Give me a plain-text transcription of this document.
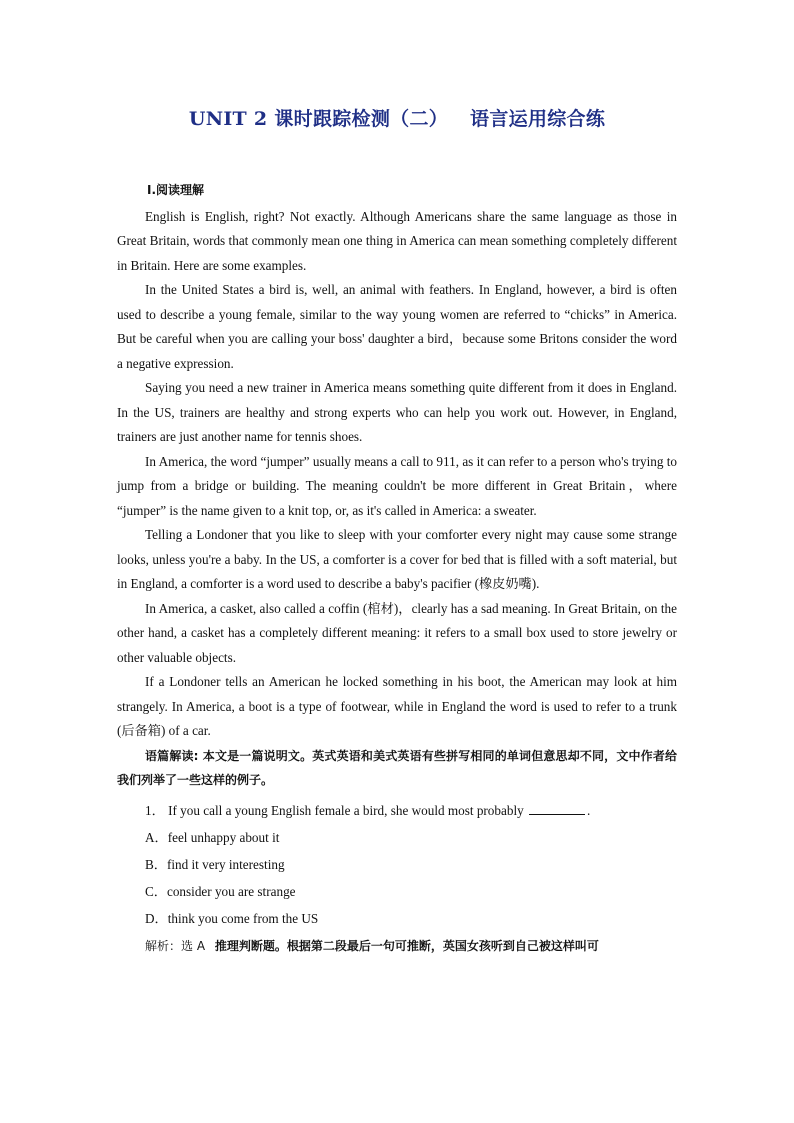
UNIT 2 课时跟踪检测（二） 语言运用综合练
Ⅰ.阅读理解

English is English, right? Not exactly. Although Americans share the same language as those in Great Britain, words that commonly mean one thing in America can mean something completely different in Britain. Here are some examples.

In the United States a bird is, well, an animal with feathers. In England, however, a bird is often used to describe a young female, similar to the way young women are referred to “chicks” in America. But be careful when you are calling your boss' daughter a bird，because some Britons consider the word a negative expression.

Saying you need a new trainer in America means something quite different from it does in England. In the US, trainers are healthy and strong experts who can help you work out. However, in England, trainers are just another name for tennis shoes.

In America, the word “jumper” usually means a call to 911, as it can refer to a person who's trying to jump from a bridge or building. The meaning couldn't be more different in Great Britain，where “jumper” is the name given to a knit top, or, as it's called in America: a sweater.

Telling a Londoner that you like to sleep with your comforter every night may cause some strange looks, unless you're a baby. In the US, a comforter is a cover for bed that is filled with a soft material, but in England, a comforter is a word used to describe a baby's pacifier (橡皮奶嘴).

In America, a casket, also called a coffin (棺材)，clearly has a sad meaning. In Great Britain, on the other hand, a casket has a completely different meaning: it refers to a small box used to store jewelry or other valuable objects.

If a Londoner tells an American he locked something in his boot, the American may look at him strangely. In America, a boot is a type of footwear, while in England the word is used to refer to a trunk (后备箱) of a car.

语篇解读: 本文是一篇说明文。英式英语和美式英语有些拼写相同的单词但意思却不同，文中作者给我们列举了一些这样的例子。

1． If you call a young English female a bird, she would most probably	.
A．feel unhappy about it
B．find it very interesting
C．consider you are strange
D．think you come from the US
解析：选 A 推理判断题。根据第二段最后一句可推断，英国女孩听到自己被这样叫可
